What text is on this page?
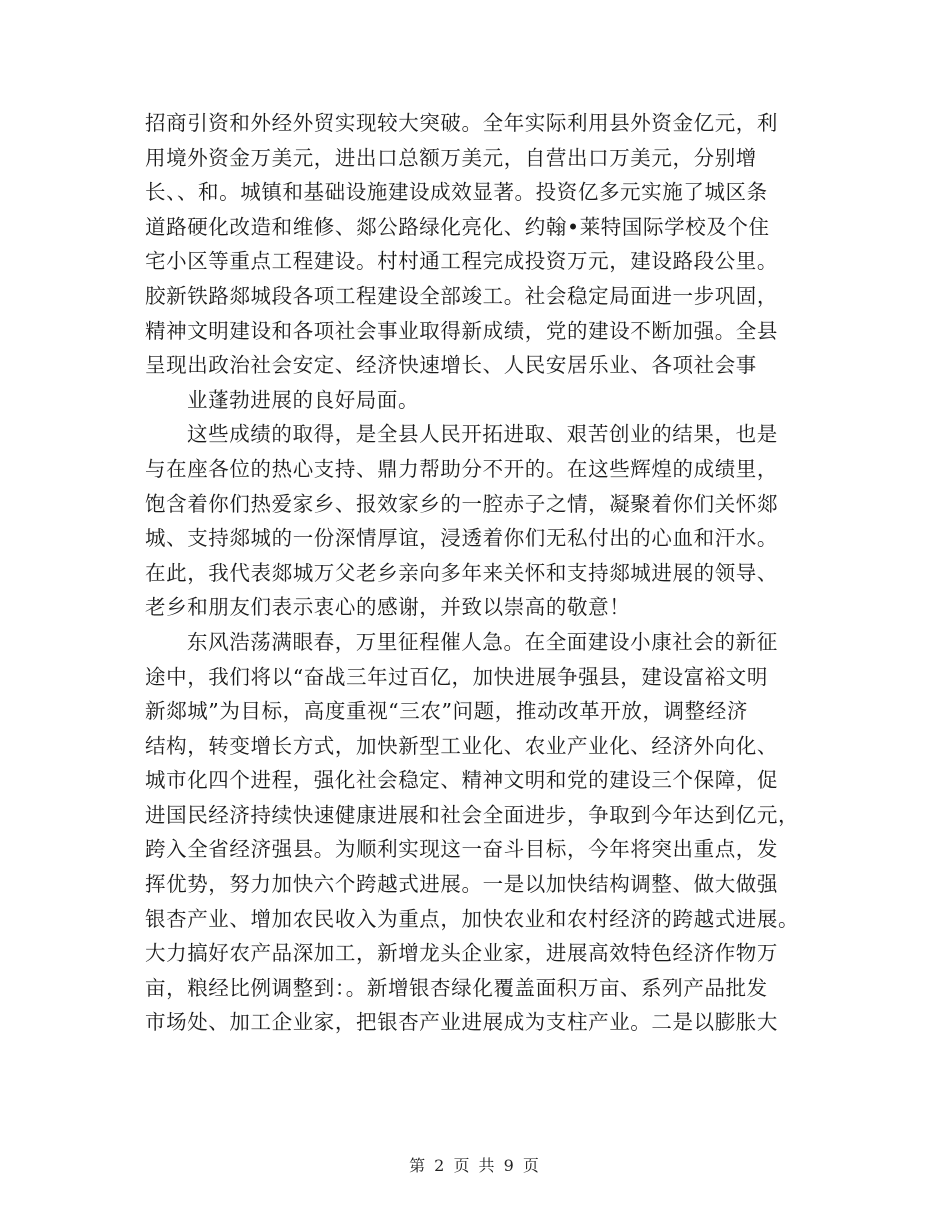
招商引资和外经外贸实现较大突破。全年实际利用县外资金亿元，利
用境外资金万美元，进出口总额万美元，自营出口万美元，分别增
长、、和。城镇和基础设施建设成效显著。投资亿多元实施了城区条
道路硬化改造和维修、郯公路绿化亮化、约翰•莱特国际学校及个住
宅小区等重点工程建设。村村通工程完成投资万元，建设路段公里。
胶新铁路郯城段各项工程建设全部竣工。社会稳定局面进一步巩固，
精神文明建设和各项社会事业取得新成绩，党的建设不断加强。全县
呈现出政治社会安定、经济快速增长、人民安居乐业、各项社会事
业蓬勃进展的良好局面。
这些成绩的取得，是全县人民开拓进取、艰苦创业的结果，也是
与在座各位的热心支持、鼎力帮助分不开的。在这些辉煌的成绩里，
饱含着你们热爱家乡、报效家乡的一腔赤子之情，凝聚着你们关怀郯
城、支持郯城的一份深情厚谊，浸透着你们无私付出的心血和汗水。
在此，我代表郯城万父老乡亲向多年来关怀和支持郯城进展的领导、
老乡和朋友们表示衷心的感谢，并致以崇高的敬意！
东风浩荡满眼春，万里征程催人急。在全面建设小康社会的新征
途中，我们将以“奋战三年过百亿，加快进展争强县，建设富裕文明
新郯城”为目标，高度重视“三农”问题，推动改革开放，调整经济
结构，转变增长方式，加快新型工业化、农业产业化、经济外向化、
城市化四个进程，强化社会稳定、精神文明和党的建设三个保障，促
进国民经济持续快速健康进展和社会全面进步，争取到今年达到亿元，
跨入全省经济强县。为顺利实现这一奋斗目标，今年将突出重点，发
挥优势，努力加快六个跨越式进展。一是以加快结构调整、做大做强
银杏产业、增加农民收入为重点，加快农业和农村经济的跨越式进展。
大力搞好农产品深加工，新增龙头企业家，进展高效特色经济作物万
亩，粮经比例调整到：。新增银杏绿化覆盖面积万亩、系列产品批发
市场处、加工企业家，把银杏产业进展成为支柱产业。二是以膨胀大
第 2 页 共 9 页
